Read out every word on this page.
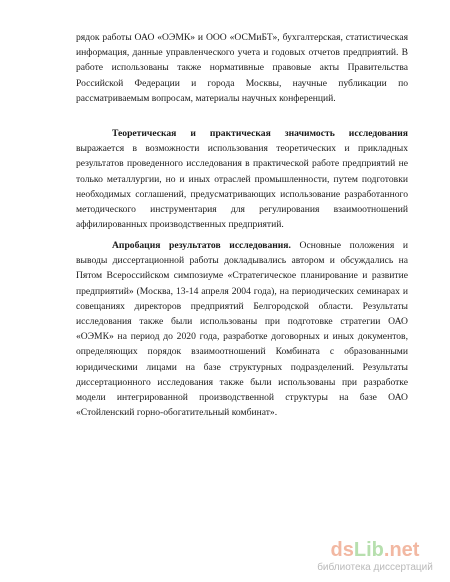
рядок работы ОАО «ОЭМК» и ООО «ОСМиБТ», бухгалтерская, статистическая информация, данные управленческого учета и годовых отчетов предприятий. В работе использованы также нормативные правовые акты Правительства Российской Федерации и города Москвы, научные публикации по рассматриваемым вопросам, материалы научных конференций.

Теоретическая и практическая значимость исследования выражается в возможности использования теоретических и прикладных результатов проведенного исследования в практической работе предприятий не только металлургии, но и иных отраслей промышленности, путем подготовки необходимых соглашений, предусматривающих использование разработанного методического инструментария для регулирования взаимоотношений аффилированных производственных предприятий.

Апробация результатов исследования. Основные положения и выводы диссертационной работы докладывались автором и обсуждались на Пятом Всероссийском симпозиуме «Стратегическое планирование и развитие предприятий» (Москва, 13-14 апреля 2004 года), на периодических семинарах и совещаниях директоров предприятий Белгородской области. Результаты исследования также были использованы при подготовке стратегии ОАО «ОЭМК» на период до 2020 года, разработке договорных и иных документов, определяющих порядок взаимоотношений Комбината с образованными юридическими лицами на базе структурных подразделений. Результаты диссертационного исследования также были использованы при разработке модели интегрированной производственной структуры на базе ОАО «Стойленский горно-обогатительный комбинат».

dsLib.net
библиотека диссертаций
